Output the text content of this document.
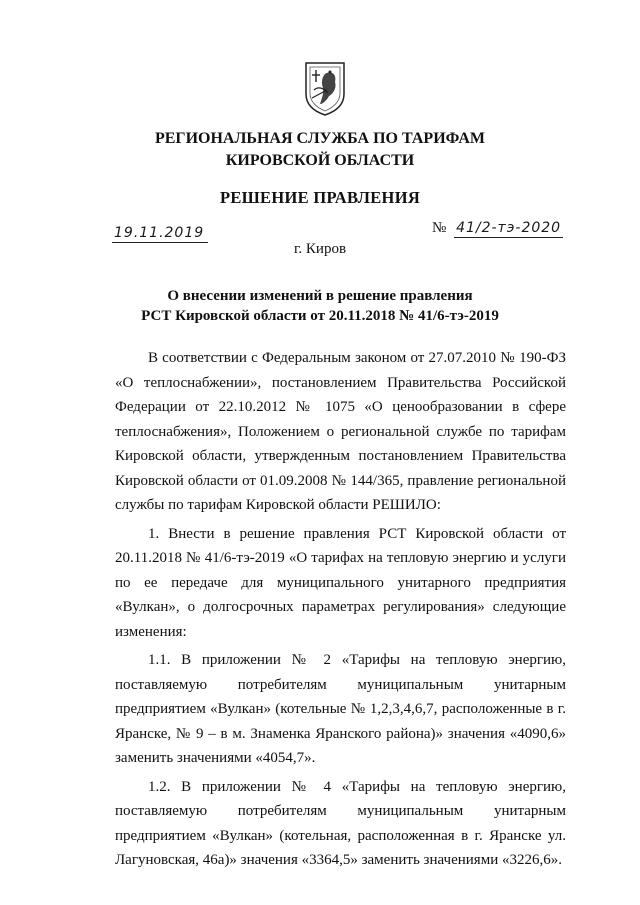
РЕГИОНАЛЬНАЯ СЛУЖБА ПО ТАРИФАМ
КИРОВСКОЙ ОБЛАСТИ
РЕШЕНИЕ ПРАВЛЕНИЯ
19.11.2019	№ 41/2-тэ-2020
г. Киров
О внесении изменений в решение правления
РСТ Кировской области от 20.11.2018 № 41/6-тэ-2019

В соответствии с Федеральным законом от 27.07.2010 № 190-ФЗ «О теплоснабжении», постановлением Правительства Российской Федерации от 22.10.2012 № 1075 «О ценообразовании в сфере теплоснабжения», Положением о региональной службе по тарифам Кировской области, утвержденным постановлением Правительства Кировской области от 01.09.2008 № 144/365, правление региональной службы по тарифам Кировской области РЕШИЛО:

1. Внести в решение правления РСТ Кировской области от 20.11.2018 № 41/6-тэ-2019 «О тарифах на тепловую энергию и услуги по ее передаче для муниципального унитарного предприятия «Вулкан», о долгосрочных параметрах регулирования» следующие изменения:

1.1. В приложении № 2 «Тарифы на тепловую энергию, поставляемую потребителям муниципальным унитарным предприятием «Вулкан» (котельные № 1,2,3,4,6,7, расположенные в г. Яранске, № 9 – в м. Знаменка Яранского района)» значения «4090,6» заменить значениями «4054,7».

1.2. В приложении № 4 «Тарифы на тепловую энергию, поставляемую потребителям муниципальным унитарным предприятием «Вулкан» (котельная, расположенная в г. Яранске ул. Лагуновская, 46а)» значения «3364,5» заменить значениями «3226,6».
